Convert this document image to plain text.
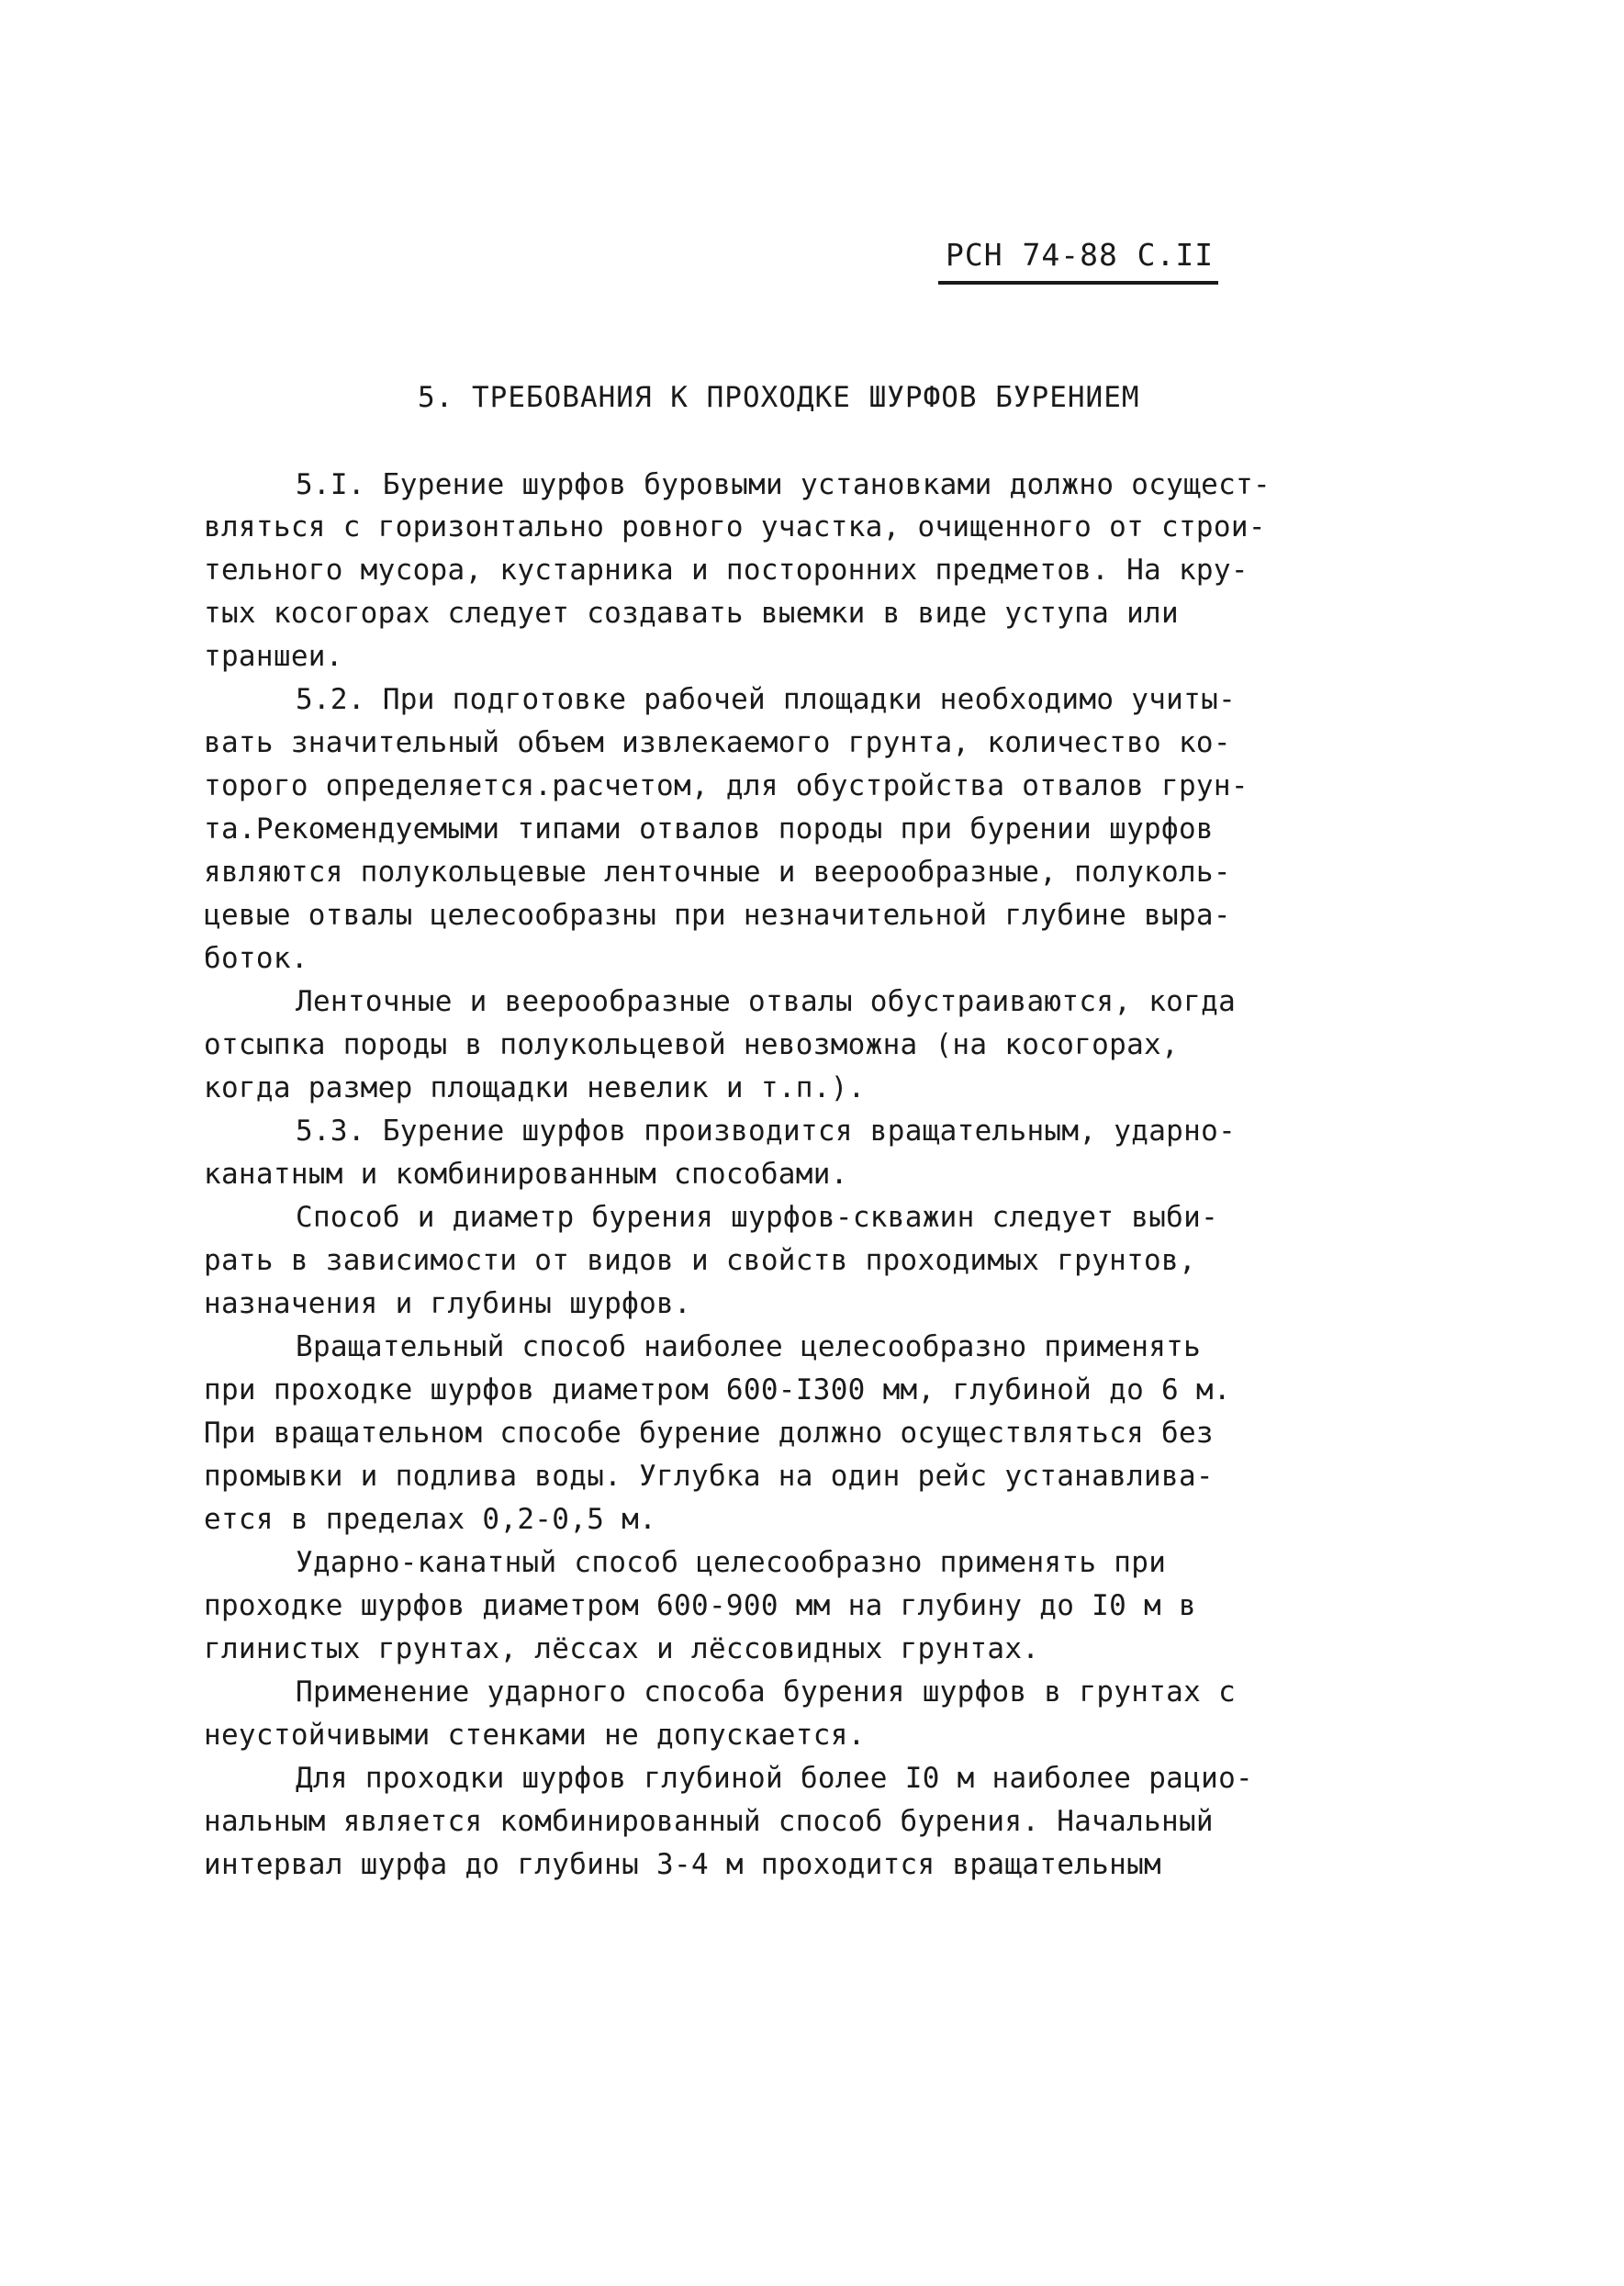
РСН 74-88 С.II
5. ТРЕБОВАНИЯ К ПРОХОДКЕ ШУРФОВ БУРЕНИЕМ
5.I. Бурение шурфов буровыми установками должно осущест-
вляться с горизонтально ровного участка, очищенного от строи-
тельного мусора, кустарника и посторонних предметов. На кру-
тых косогорах следует создавать выемки в виде уступа или
траншеи.
5.2. При подготовке рабочей площадки необходимо учиты-
вать значительный объем извлекаемого грунта, количество ко-
торого определяется.расчетом, для обустройства отвалов грун-
та.Рекомендуемыми типами отвалов породы при бурении шурфов
являются полукольцевые ленточные и веерообразные, полуколь-
цевые отвалы целесообразны при незначительной глубине выра-
боток.
Ленточные и веерообразные отвалы обустраиваются, когда
отсыпка породы в полукольцевой невозможна (на косогорах,
когда размер площадки невелик и т.п.).
5.3. Бурение шурфов производится вращательным, ударно-
канатным и комбинированным способами.
Способ и диаметр бурения шурфов-скважин следует выби-
рать в зависимости от видов и свойств проходимых грунтов,
назначения и глубины шурфов.
Вращательный способ наиболее целесообразно применять
при проходке шурфов диаметром 600-I300 мм, глубиной до 6 м.
При вращательном способе бурение должно осуществляться без
промывки и подлива воды. Углубка на один рейс устанавлива-
ется в пределах 0,2-0,5 м.
Ударно-канатный способ целесообразно применять при
проходке шурфов диаметром 600-900 мм на глубину до I0 м в
глинистых грунтах, лёссах и лёссовидных грунтах.
Применение ударного способа бурения шурфов в грунтах с
неустойчивыми стенками не допускается.
Для проходки шурфов глубиной более I0 м наиболее рацио-
нальным является комбинированный способ бурения. Начальный
интервал шурфа до глубины 3-4 м проходится вращательным
